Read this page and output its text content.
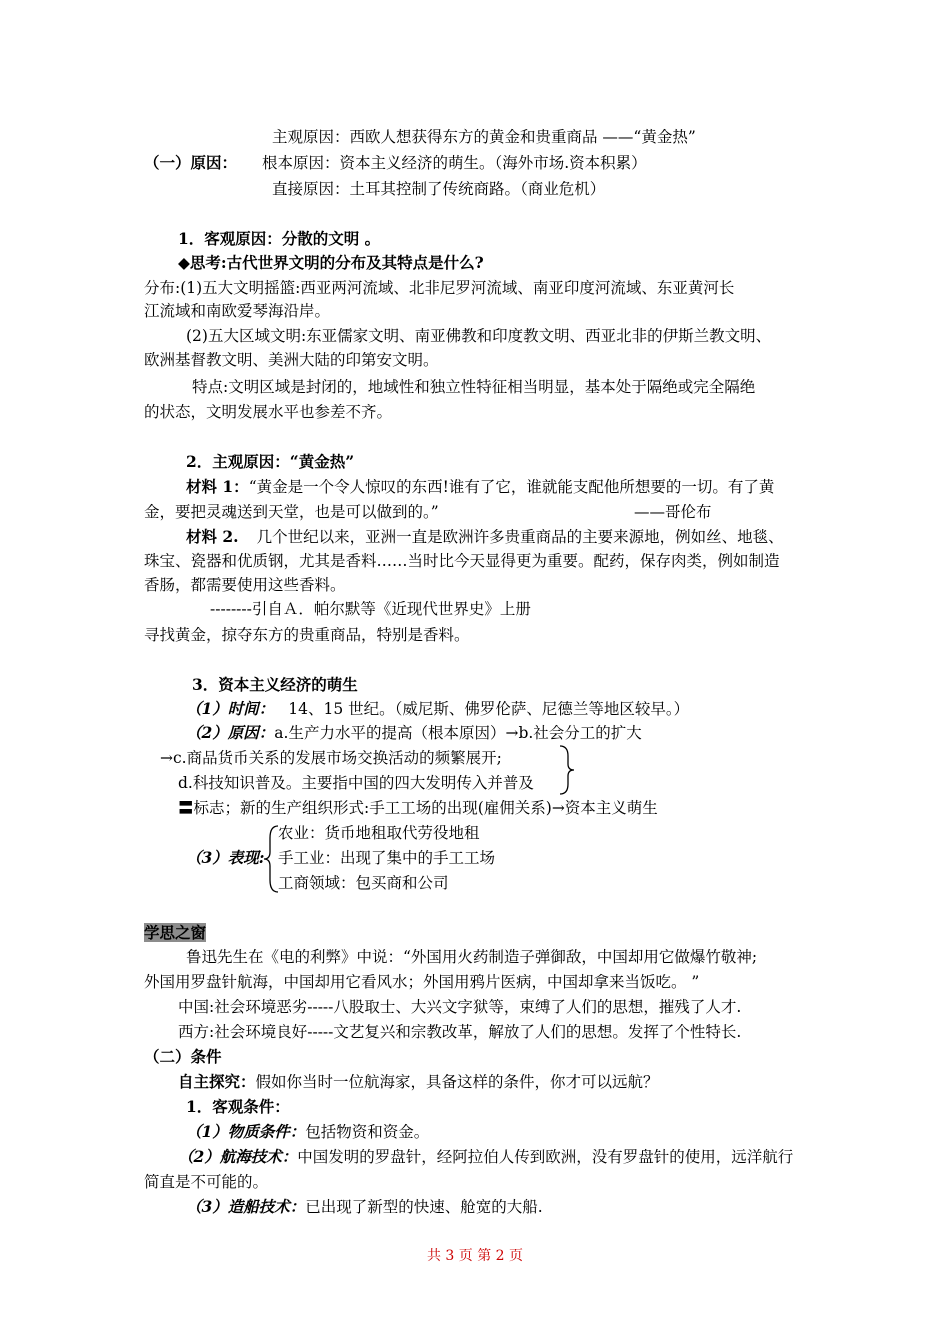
主观原因：西欧人想获得东方的黄金和贵重商品 ——“黄金热”
（一）原因： 根本原因：资本主义经济的萌生。（海外市场.资本积累）
直接原因：土耳其控制了传统商路。（商业危机）
1．客观原因：分散的文明 。
◆思考:古代世界文明的分布及其特点是什么?
分布:(1)五大文明摇篮:西亚两河流域、北非尼罗河流域、南亚印度河流域、东亚黄河长
江流域和南欧爱琴海沿岸。
(2)五大区域文明:东亚儒家文明、南亚佛教和印度教文明、西亚北非的伊斯兰教文明、
欧洲基督教文明、美洲大陆的印第安文明。
特点:文明区域是封闭的，地域性和独立性特征相当明显，基本处于隔绝或完全隔绝
的状态，文明发展水平也参差不齐。
2．主观原因：“黄金热”
材料 1：“黄金是一个令人惊叹的东西!谁有了它，谁就能支配他所想要的一切。有了黄
金，要把灵魂送到天堂，也是可以做到的。”	——哥伦布
材料 2. 几个世纪以来，亚洲一直是欧洲许多贵重商品的主要来源地，例如丝、地毯、
珠宝、瓷器和优质钢，尤其是香料……当时比今天显得更为重要。配药，保存肉类，例如制造
香肠，都需要使用这些香料。
--------引自Ａ．帕尔默等《近现代世界史》上册
寻找黄金，掠夺东方的贵重商品，特别是香料。
3．资本主义经济的萌生
（1）时间： 14、15 世纪。（威尼斯、佛罗伦萨、尼德兰等地区较早。）
（2）原因：a.生产力水平的提高（根本原因）→b.社会分工的扩大
→c.商品货币关系的发展市场交换活动的频繁展开;
d.科技知识普及。主要指中国的四大发明传入并普及
〓标志；新的生产组织形式:手工工场的出现(雇佣关系)→资本主义萌生
农业：货币地租取代劳役地租
（3）表现: 手工业：出现了集中的手工工场
工商领域：包买商和公司
学思之窗
鲁迅先生在《电的利弊》中说：“外国用火药制造子弹御敌，中国却用它做爆竹敬神;
外国用罗盘针航海，中国却用它看风水；外国用鸦片医病，中国却拿来当饭吃。 ”
中国:社会环境恶劣-----八股取士、大兴文字狱等，束缚了人们的思想，摧残了人才.
西方:社会环境良好-----文艺复兴和宗教改革，解放了人们的思想。发挥了个性特长.
（二）条件
自主探究：假如你当时一位航海家，具备这样的条件，你才可以远航？
1．客观条件：
（1）物质条件：包括物资和资金。
（2）航海技术：中国发明的罗盘针，经阿拉伯人传到欧洲，没有罗盘针的使用，远洋航行
简直是不可能的。
（3）造船技术：已出现了新型的快速、舱宽的大船.
共 3 页 第 2 页
